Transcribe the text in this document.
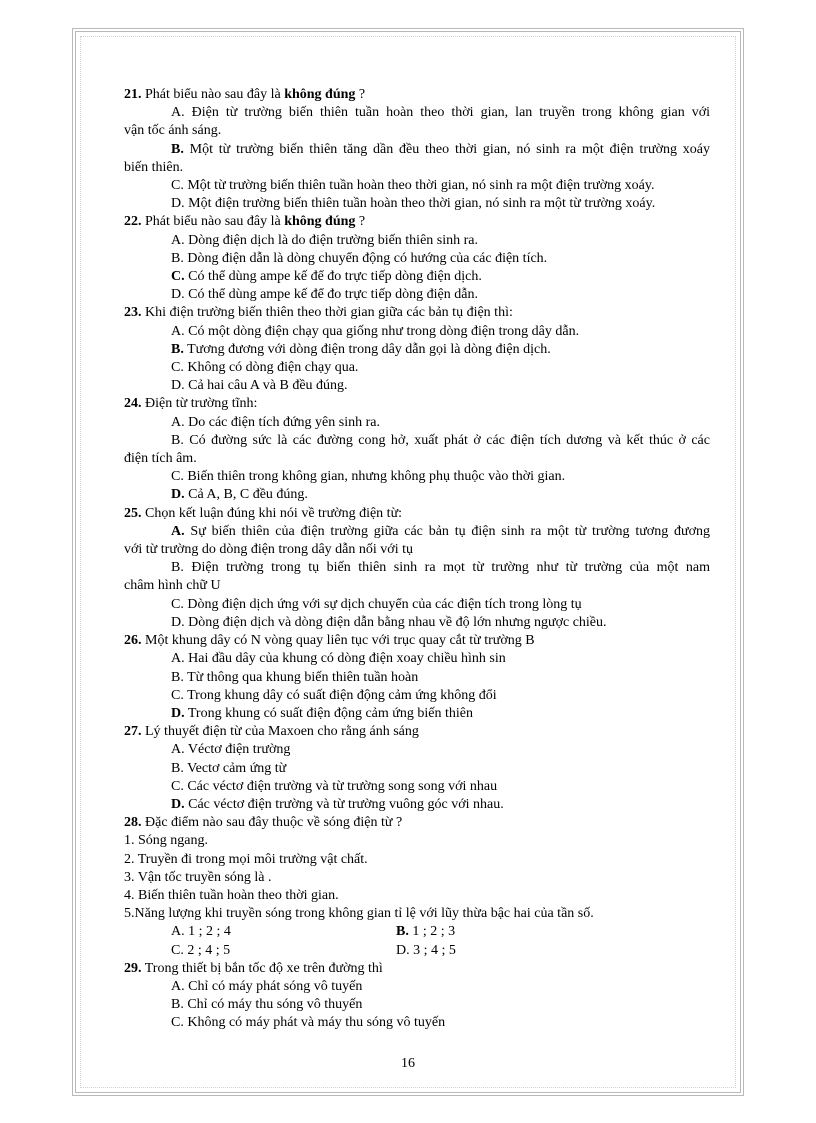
21. Phát biểu nào sau đây là không đúng ?
A. Điện từ trường biến thiên tuần hoàn theo thời gian, lan truyền trong không gian với
vận tốc ánh sáng.
B. Một từ trường biến thiên tăng dần đều theo thời gian, nó sinh ra một điện trường xoáy
biến thiên.
C. Một từ trường biến thiên tuần hoàn theo thời gian, nó sinh ra một điện trường xoáy.
D. Một điện trường biến thiên tuần hoàn theo thời gian, nó sinh ra một từ trường xoáy.
22. Phát biểu nào sau đây là không đúng ?
A. Dòng điện dịch là do điện trường biến thiên sinh ra.
B. Dòng điện dẫn là dòng chuyển động có hướng của các điện tích.
C. Có thể dùng ampe kế để đo trực tiếp dòng điện dịch.
D. Có thể dùng ampe kế để đo trực tiếp dòng điện dẫn.
23. Khi điện trường biến thiên theo thời gian giữa các bản tụ điện thì:
A. Có một dòng điện chạy qua giống như trong dòng điện trong dây dẫn.
B. Tương đương với dòng điện trong dây dẫn gọi là dòng điện dịch.
C. Không có dòng điện chạy qua.
D. Cả hai câu A và B đều đúng.
24. Điện từ trường tĩnh:
A. Do các điện tích đứng yên sinh ra.
B. Có đường sức là các đường cong hở, xuất phát ở các điện tích dương và kết thúc ở các
điện tích âm.
C. Biến thiên trong không gian, nhưng không phụ thuộc vào thời gian.
D. Cả A, B, C đều đúng.
25. Chọn kết luận đúng khi nói về trường điện từ:
A. Sự biến thiên của điện trường giữa các bản tụ điện sinh ra một từ trường tương đương
với từ trường do dòng điện trong dây dẫn nối với tụ
B. Điện trường trong tụ biến thiên sinh ra mọt từ trường như từ trường của một nam
châm hình chữ U
C. Dòng điện dịch ứng với sự dịch chuyển của các điện tích trong lòng tụ
D. Dòng điện dịch và dòng điện dẫn bằng nhau về độ lớn nhưng ngược chiều.
26. Một khung dây có N vòng quay liên tục với trục quay cắt từ trường B
A. Hai đầu dây của khung có dòng điện xoay chiều hình sin
B. Từ thông qua khung biến thiên tuần hoàn
C. Trong khung dây có suất điện động cảm ứng không đổi
D. Trong khung có suất điện động cảm ứng biến thiên
27. Lý thuyết điện từ của Maxoen cho rằng ánh sáng
A. Véctơ điện trường
B. Vectơ cảm ứng từ
C. Các véctơ điện trường và từ trường song song với nhau
D. Các véctơ điện trường và từ trường vuông góc với nhau.
28. Đặc điểm nào sau đây thuộc về sóng điện từ ?
1. Sóng ngang.
2. Truyền đi trong mọi môi trường vật chất.
3. Vận tốc truyền sóng là .
4. Biến thiên tuần hoàn theo thời gian.
5.Năng lượng khi truyền sóng trong không gian tỉ lệ với lũy thừa bậc hai của tần số.
A. 1 ; 2 ; 4	B. 1 ; 2 ; 3
C. 2 ; 4 ; 5	D. 3 ; 4 ; 5
29. Trong thiết bị bắn tốc độ xe trên đường thì
A. Chỉ có máy phát sóng vô tuyến
B. Chỉ có máy thu sóng vô thuyến
C. Không có máy phát và máy thu sóng vô tuyến
16
